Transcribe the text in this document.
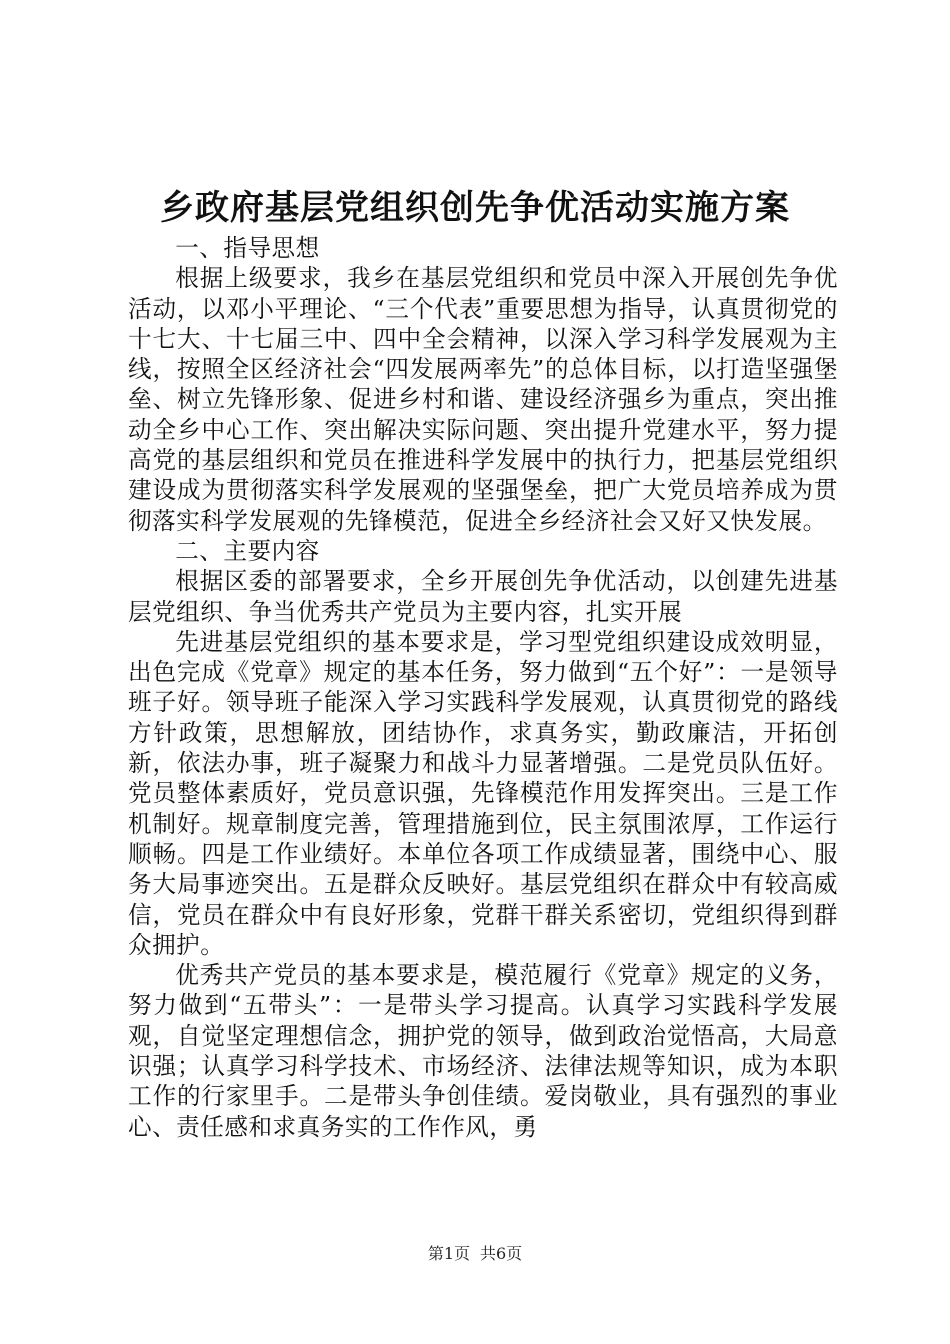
乡政府基层党组织创先争优活动实施方案

一、指导思想

根据上级要求，我乡在基层党组织和党员中深入开展创先争优活动，以邓小平理论、“三个代表”重要思想为指导，认真贯彻党的十七大、十七届三中、四中全会精神，以深入学习科学发展观为主线，按照全区经济社会“四发展两率先”的总体目标，以打造坚强堡垒、树立先锋形象、促进乡村和谐、建设经济强乡为重点，突出推动全乡中心工作、突出解决实际问题、突出提升党建水平，努力提高党的基层组织和党员在推进科学发展中的执行力，把基层党组织建设成为贯彻落实科学发展观的坚强堡垒，把广大党员培养成为贯彻落实科学发展观的先锋模范，促进全乡经济社会又好又快发展。

二、主要内容

根据区委的部署要求，全乡开展创先争优活动，以创建先进基层党组织、争当优秀共产党员为主要内容，扎实开展

先进基层党组织的基本要求是，学习型党组织建设成效明显，出色完成《党章》规定的基本任务，努力做到“五个好”：一是领导班子好。领导班子能深入学习实践科学发展观，认真贯彻党的路线方针政策，思想解放，团结协作，求真务实，勤政廉洁，开拓创新，依法办事，班子凝聚力和战斗力显著增强。二是党员队伍好。党员整体素质好，党员意识强，先锋模范作用发挥突出。三是工作机制好。规章制度完善，管理措施到位，民主氛围浓厚，工作运行顺畅。四是工作业绩好。本单位各项工作成绩显著，围绕中心、服务大局事迹突出。五是群众反映好。基层党组织在群众中有较高威信，党员在群众中有良好形象，党群干群关系密切，党组织得到群众拥护。

优秀共产党员的基本要求是，模范履行《党章》规定的义务，努力做到“五带头”：一是带头学习提高。认真学习实践科学发展观，自觉坚定理想信念，拥护党的领导，做到政治觉悟高，大局意识强；认真学习科学技术、市场经济、法律法规等知识，成为本职工作的行家里手。二是带头争创佳绩。爱岗敬业，具有强烈的事业心、责任感和求真务实的工作作风，勇

第1页 共6页
